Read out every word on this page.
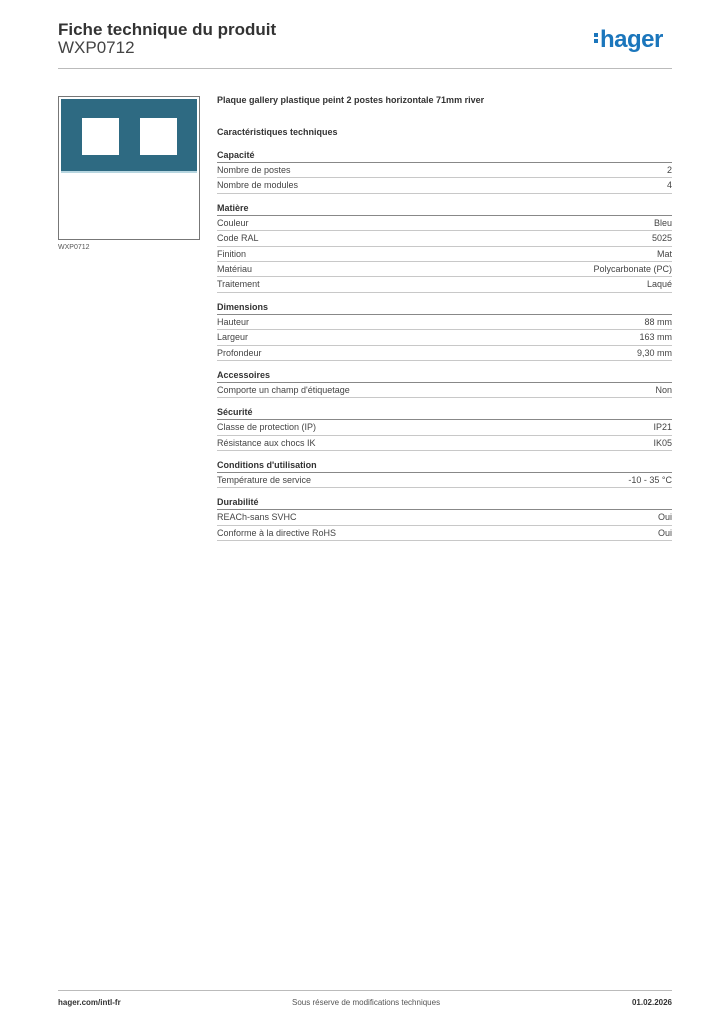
Fiche technique du produit
WXP0712	hager
WXP0712
Plaque gallery plastique peint 2 postes horizontale 71mm river
Caractéristiques techniques
Capacité
Nombre de postes	2
Nombre de modules	4
Matière
Couleur	Bleu
Code RAL	5025
Finition	Mat
Matériau	Polycarbonate (PC)
Traitement	Laqué
Dimensions
Hauteur	88 mm
Largeur	163 mm
Profondeur	9,30 mm
Accessoires
Comporte un champ d'étiquetage	Non
Sécurité
Classe de protection (IP)	IP21
Résistance aux chocs IK	IK05
Conditions d'utilisation
Température de service	-10 - 35 °C
Durabilité
REACh-sans SVHC	Oui
Conforme à la directive RoHS	Oui
hager.com/intl-fr	Sous réserve de modifications techniques	01.02.2026
